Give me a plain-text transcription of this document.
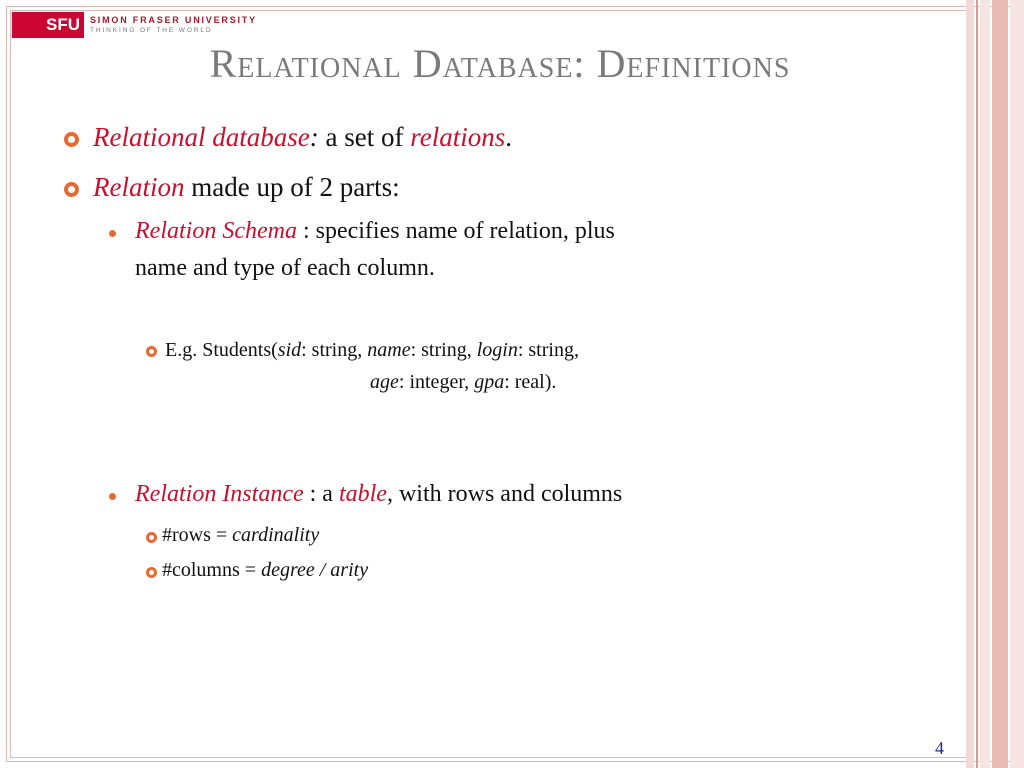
SFU	SIMON FRASER UNIVERSITY
THINKING OF THE WORLD
Relational Database: Definitions
Relational database: a set of relations.
Relation made up of 2 parts:
Relation Schema : specifies name of relation, plus
name and type of each column.
E.g. Students(sid: string, name: string, login: string,
age: integer, gpa: real).
Relation Instance : a table, with rows and columns
#rows = cardinality
#columns = degree / arity
4
